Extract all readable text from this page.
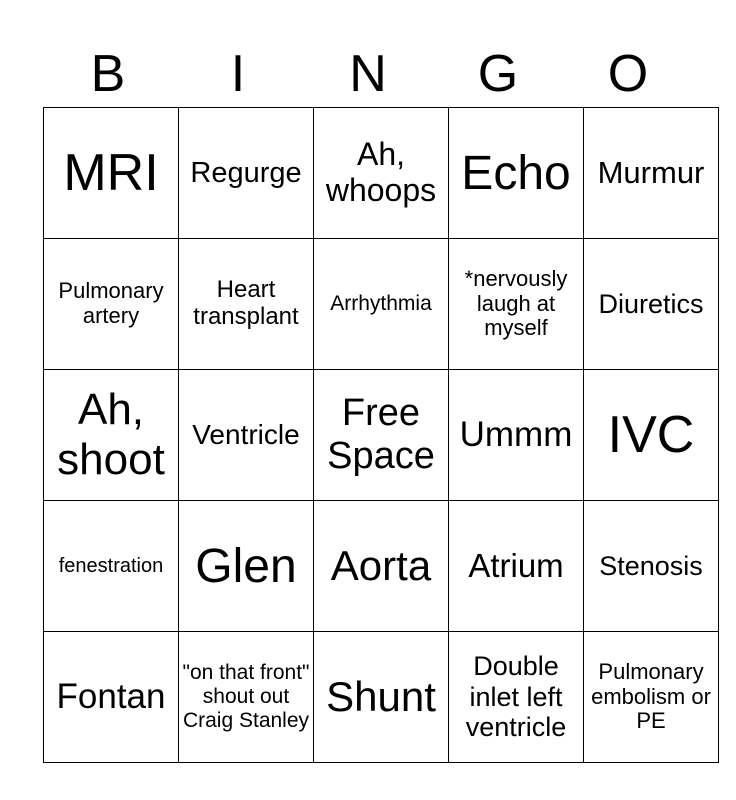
B	I	N	G	O
MRI	Regurge	Ah, whoops	Echo	Murmur
Pulmonary artery	Heart transplant	Arrhythmia	*nervously laugh at myself	Diuretics
Ah, shoot	Ventricle	Free Space	Ummm	IVC
fenestration	Glen	Aorta	Atrium	Stenosis
Fontan	"on that front" shout out Craig Stanley	Shunt	Double inlet left ventricle	Pulmonary embolism or PE
